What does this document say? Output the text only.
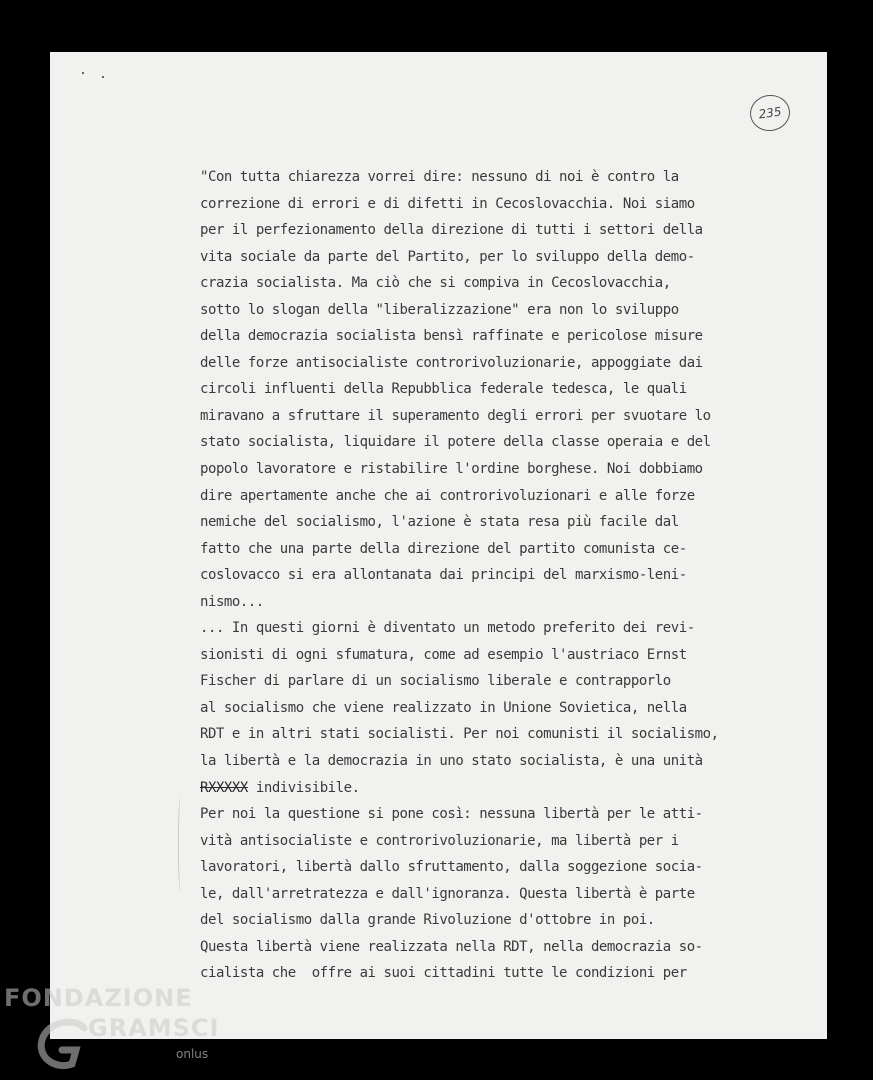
235
"Con tutta chiarezza vorrei dire: nessuno di noi è contro la
correzione di errori e di difetti in Cecoslovacchia. Noi siamo
per il perfezionamento della direzione di tutti i settori della
vita sociale da parte del Partito, per lo sviluppo della demo-
crazia socialista. Ma ciò che si compiva in Cecoslovacchia,
sotto lo slogan della "liberalizzazione" era non lo sviluppo
della democrazia socialista bensì raffinate e pericolose misure
delle forze antisocialiste controrivoluzionarie, appoggiate dai
circoli influenti della Repubblica federale tedesca, le quali
miravano a sfruttare il superamento degli errori per svuotare lo
stato socialista, liquidare il potere della classe operaia e del
popolo lavoratore e ristabilire l'ordine borghese. Noi dobbiamo
dire apertamente anche che ai controrivoluzionari e alle forze
nemiche del socialismo, l'azione è stata resa più facile dal
fatto che una parte della direzione del partito comunista ce-
coslovacco si era allontanata dai principi del marxismo-leni-
nismo...
... In questi giorni è diventato un metodo preferito dei revi-
sionisti di ogni sfumatura, come ad esempio l'austriaco Ernst
Fischer di parlare di un socialismo liberale e contrapporlo
al socialismo che viene realizzato in Unione Sovietica, nella
RDT e in altri stati socialisti. Per noi comunisti il socialismo,
la libertà e la democrazia in uno stato socialista, è una unità
RXXXXX indivisibile.
Per noi la questione si pone così: nessuna libertà per le atti-
vità antisocialiste e controrivoluzionarie, ma libertà per i
lavoratori, libertà dallo sfruttamento, dalla soggezione socia-
le, dall'arretratezza e dall'ignoranza. Questa libertà è parte
del socialismo dalla grande Rivoluzione d'ottobre in poi.
Questa libertà viene realizzata nella RDT, nella democrazia so-
cialista che  offre ai suoi cittadini tutte le condizioni per
FONDAZIONE
GRAMSCI
onlus
